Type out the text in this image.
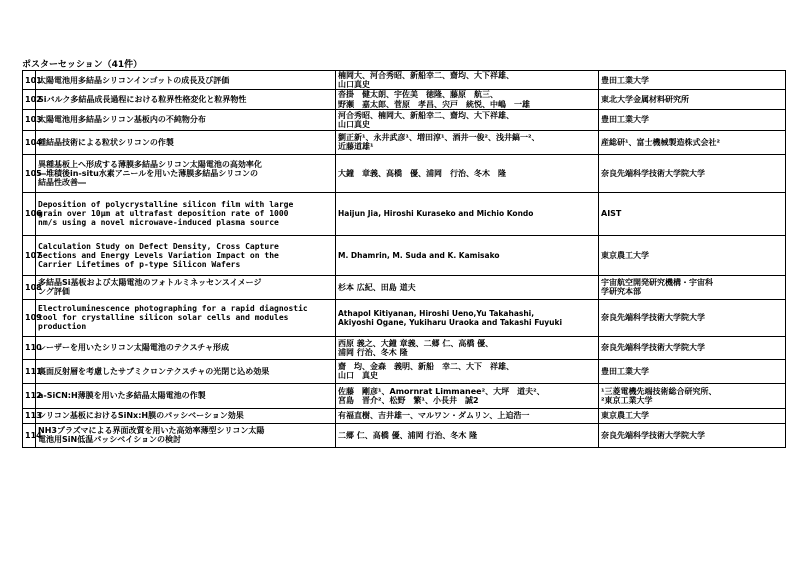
ポスターセッション（41件）
101	太陽電池用多結晶シリコンインゴットの成長及び評価	楠岡大、河合秀昭、新船幸二、齋均、大下祥雄、
山口真史	豊田工業大学
102	Siバルク多結晶成長過程における粒界性格変化と粒界物性	沓掛　健太朗、宇佐美　徳隆、藤原　航三、
野瀬　嘉太郎、菅原　孝昌、宍戸　統悦、中嶋　一雄	東北大学金属材料研究所
103	太陽電池用多結晶シリコン基板内の不純物分布	河合秀昭、楠岡大、新船幸二、齋均、大下祥雄、
山口真史	豊田工業大学
104	種結晶技術による粒状シリコンの作製	劉正新¹、永井武彦¹、増田淳¹、酒井一俊²、浅井鎬一²、
近藤道雄¹	産総研¹、富士機械製造株式会社²
105	異種基板上へ形成する薄膜多結晶シリコン太陽電池の高効率化
―堆積後in-situ水素アニールを用いた薄膜多結晶シリコンの
結晶性改善―	大鐘　章義、高橋　優、浦岡　行治、冬木　隆	奈良先端科学技術大学院大学
106	Deposition of polycrystalline silicon film with large
grain over 10μm at ultrafast deposition rate of 1000
nm/s using a novel microwave-induced plasma source	Haijun Jia, Hiroshi Kuraseko and Michio Kondo	AIST
107	Calculation Study on Defect Density, Cross Capture
Sections and Energy Levels Variation Impact on the
Carrier Lifetimes of p-type Silicon Wafers	M. Dhamrin, M. Suda and K. Kamisako	東京農工大学
108	多結晶Si基板および太陽電池のフォトルミネッセンスイメージ
ング評価	杉本 広紀、田島 道夫	宇宙航空開発研究機構・宇宙科
学研究本部
109	Electroluminescence photographing for a rapid diagnostic
tool for crystalline silicon solar cells and modules
production	Athapol Kitiyanan, Hiroshi Ueno,Yu Takahashi,
Akiyoshi Ogane, Yukiharu Uraoka and Takashi Fuyuki	奈良先端科学技術大学院大学
110	レーザーを用いたシリコン太陽電池のテクスチャ形成	西原 義之、大鐘 章義、二郷 仁、高橋 優、
浦岡 行治、冬木 隆	奈良先端科学技術大学院大学
111	裏面反射層を考慮したサブミクロンテクスチャの光閉じ込め効果	齋　均、金森　義明、新船　幸二、大下　祥雄、
山口　真史	豊田工業大学
112	a-SiCN:H薄膜を用いた多結晶太陽電池の作製	佐藤　剛彦¹、Amornrat Limmanee²、大坪　道夫²、
宮島　晋介²、松野　繁¹、小長井　誠2	¹三菱電機先端技術総合研究所、
²東京工業大学
113	シリコン基板におけるSiNx:H膜のパッシベーション効果	有福直樹、吉井雄一、マルワン・ダムリン、上迫浩一	東京農工大学
114	NH3プラズマによる界面改質を用いた高効率薄型シリコン太陽
電池用SiN低温パッシベイションの検討	二郷 仁、高橋 優、浦岡 行治、冬木 隆	奈良先端科学技術大学院大学
